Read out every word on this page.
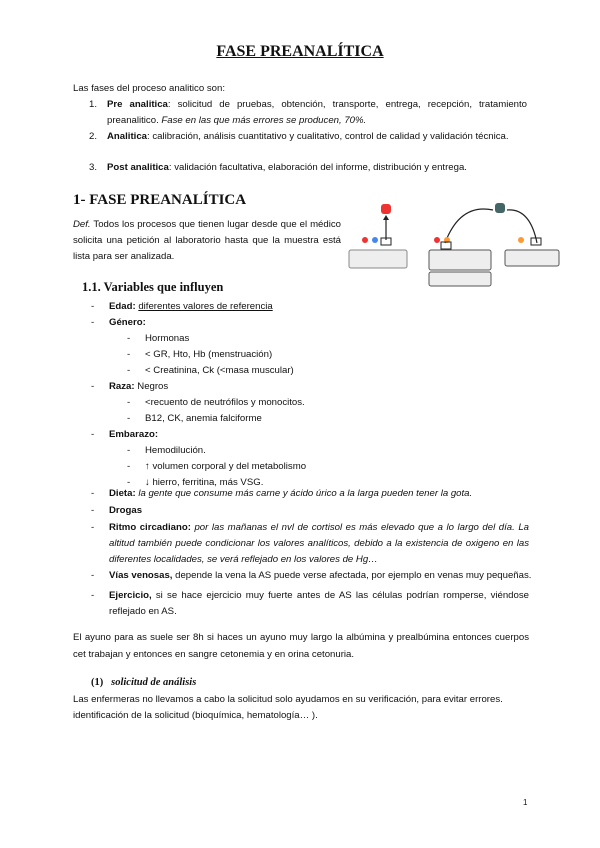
FASE PREANALÍTICA
Las fases del proceso analitico son:
1. Pre analitica: solicitud de pruebas, obtención, transporte, entrega, recepción, tratamiento preanalitico. Fase en las que más errores se producen, 70%.
2. Analitica: calibración, análisis cuantitativo y cualitativo, control de calidad y validación técnica.
3. Post analitica: validación facultativa, elaboración del informe, distribución y entrega.
1- FASE PREANALÍTICA
Def. Todos los procesos que tienen lugar desde que el médico solicita una petición al laboratorio hasta que la muestra está lista para ser analizada.
1.1. Variables que influyen
- Edad: diferentes valores de referencia
- Género:
- Hormonas
- < GR, Hto, Hb (menstruación)
- < Creatinina, Ck (<masa muscular)
- Raza: Negros
- <recuento de neutrófilos y monocitos.
- B12, CK, anemia falciforme
- Embarazo:
- Hemodilución.
- ↑ volumen corporal y del metabolismo
- ↓ hierro, ferritina, más VSG.
- Dieta: la gente que consume más carne y ácido úrico a la larga pueden tener la gota.
- Drogas
- Ritmo circadiano: por las mañanas el nvl de cortisol es más elevado que a lo largo del día. La altitud también puede condicionar los valores analíticos, debido a la existencia de oxigeno en las diferentes localidades, se verá reflejado en los valores de Hg…
- Vías venosas, depende la vena la AS puede verse afectada, por ejemplo en venas muy pequeñas.
- Ejercicio, si se hace ejercicio muy fuerte antes de AS las células podrían romperse, viéndose reflejado en AS.
El ayuno para as suele ser 8h si haces un ayuno muy largo la albúmina y prealbúmina entonces cuerpos cet trabajan y entonces en sangre cetonemia y en orina cetonuria.
(1) solicitud de análisis
Las enfermeras no llevamos a cabo la solicitud solo ayudamos en su verificación, para evitar errores.
identificación de la solicitud (bioquímica, hematología… ).
1
